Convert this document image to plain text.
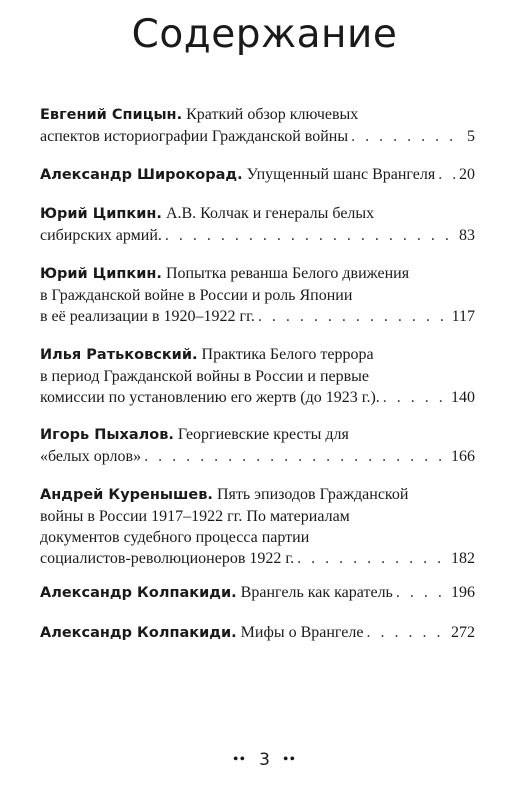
Содержание
Евгений Спицын. Краткий обзор ключевых
аспектов историографии Гражданской войны . . .	5
Александр Широкорад. Упущенный шанс Врангеля . . . 20
Юрий Ципкин. А.В. Колчак и генералы белых
сибирских армий. . . .	83
Юрий Ципкин. Попытка реванша Белого движения
в Гражданской войне в России и роль Японии
в её реализации в 1920–1922 гг. . . .	117
Илья Ратьковский. Практика Белого террора
в период Гражданской войны в России и первые
комиссии по установлению его жертв (до 1923 г.). . . .	140
Игорь Пыхалов. Георгиевские кресты для
«белых орлов» . . .	166
Андрей Куренышев. Пять эпизодов Гражданской
войны в России 1917–1922 гг. По материалам
документов судебного процесса партии
социалистов-революционеров 1922 г. . . .	182
Александр Колпакиди. Врангель как каратель . . .	196
Александр Колпакиди. Мифы о Врангеле . . .	272
•• 3 ••
